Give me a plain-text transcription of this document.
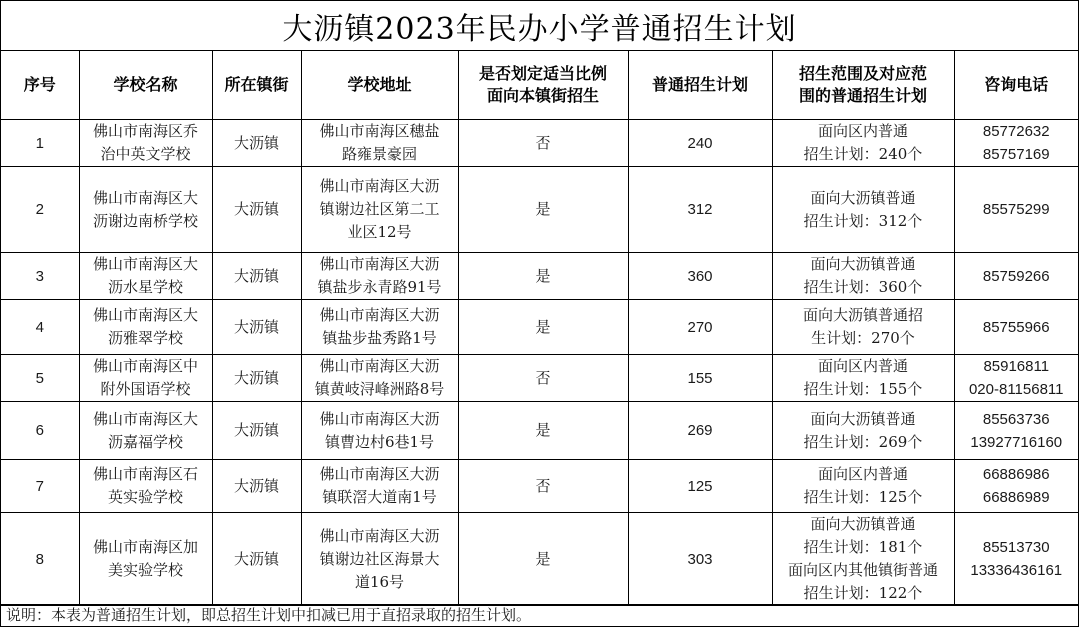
大沥镇2023年民办小学普通招生计划
序号	学校名称	所在镇街	学校地址	是否划定适当比例
面向本镇街招生	普通招生计划	招生范围及对应范
围的普通招生计划	咨询电话
1	佛山市南海区乔
治中英文学校	大沥镇	佛山市南海区穗盐
路雍景豪园	否	240	面向区内普通
招生计划：240个	85772632
85757169

2	佛山市南海区大
沥谢边南桥学校	大沥镇	佛山市南海区大沥
镇谢边社区第二工
业区12号	是	312	面向大沥镇普通
招生计划：312个	85575299

3	佛山市南海区大
沥水星学校	大沥镇	佛山市南海区大沥
镇盐步永青路91号	是	360	面向大沥镇普通
招生计划：360个	85759266

4	佛山市南海区大
沥雅翠学校	大沥镇	佛山市南海区大沥
镇盐步盐秀路1号	是	270	面向大沥镇普通招
生计划：270个	85755966

5	佛山市南海区中
附外国语学校	大沥镇	佛山市南海区大沥
镇黄岐浔峰洲路8号	否	155	面向区内普通
招生计划：155个	85916811
020-81156811

6	佛山市南海区大
沥嘉福学校	大沥镇	佛山市南海区大沥
镇曹边村6巷1号	是	269	面向大沥镇普通
招生计划：269个	85563736
13927716160

7	佛山市南海区石
英实验学校	大沥镇	佛山市南海区大沥
镇联滘大道南1号	否	125	面向区内普通
招生计划：125个	66886986
66886989

8	佛山市南海区加
美实验学校	大沥镇	佛山市南海区大沥
镇谢边社区海景大
道16号	是	303	面向大沥镇普通
招生计划：181个
面向区内其他镇街普通
招生计划：122个	85513730
13336436161
说明：本表为普通招生计划，即总招生计划中扣减已用于直招录取的招生计划。
